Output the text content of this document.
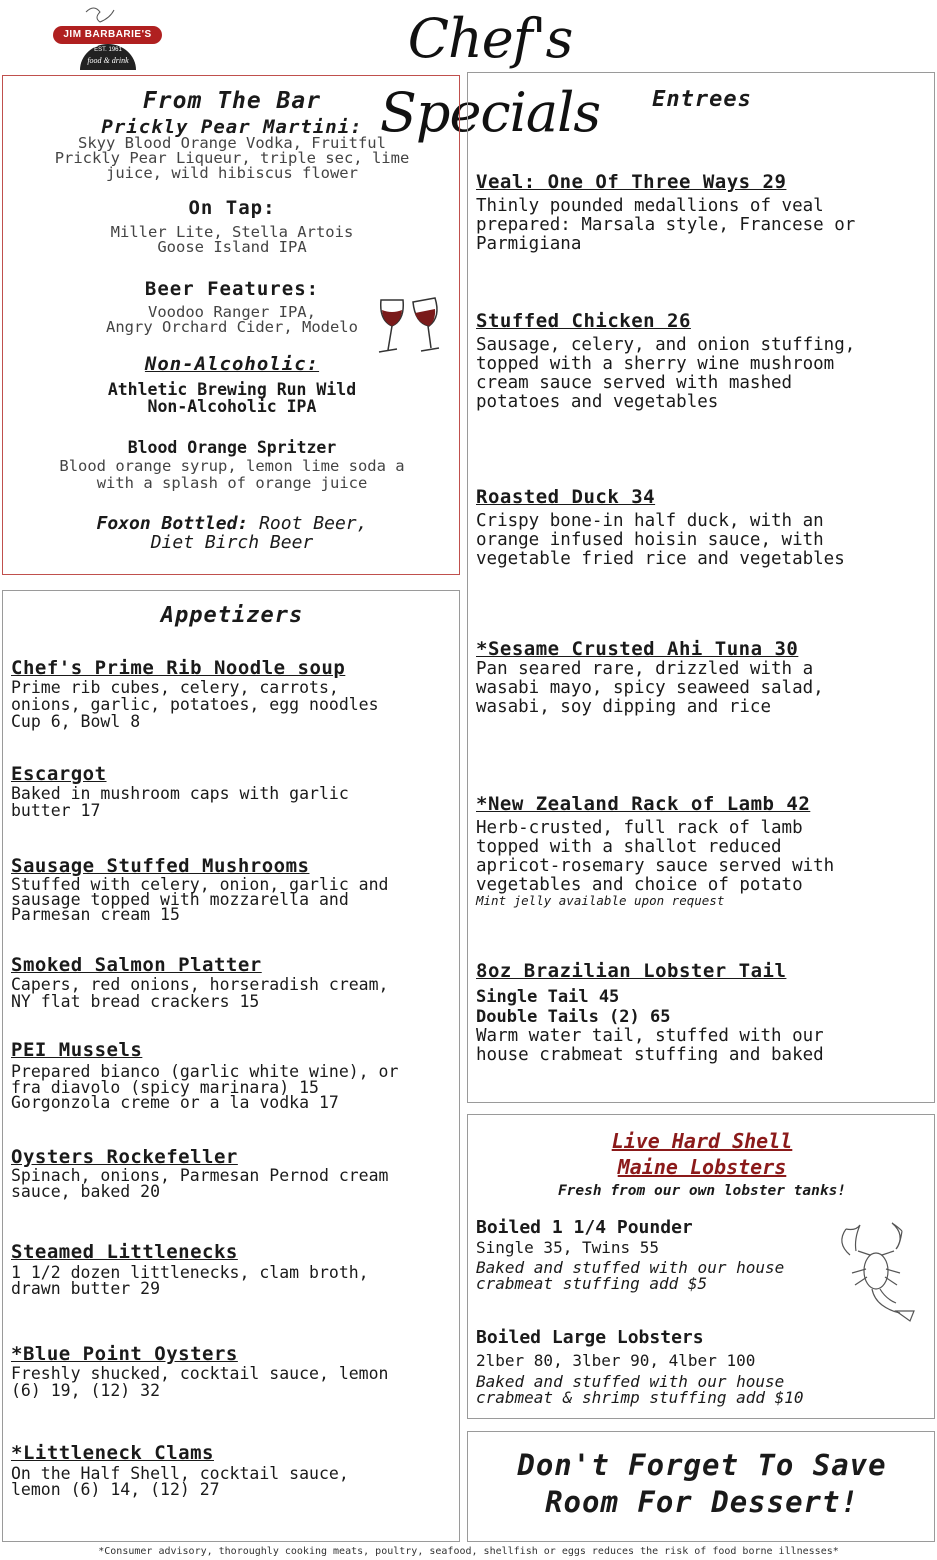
JIM BARBARIE'S
EST. 1961
food & drink	Chef's Specials
From The Bar
Prickly Pear Martini:
Skyy Blood Orange Vodka, Fruitful
Prickly Pear Liqueur, triple sec, lime
juice, wild hibiscus flower
On Tap:
Miller Lite, Stella Artois
Goose Island IPA
Beer Features:
Voodoo Ranger IPA,
Angry Orchard Cider, Modelo
Non-Alcoholic:
Athletic Brewing Run Wild
Non-Alcoholic IPA
Blood Orange Spritzer
Blood orange syrup, lemon lime soda a
with a splash of orange juice
Foxon Bottled: Root Beer,
Diet Birch Beer
Appetizers
Chef's Prime Rib Noodle soup
Prime rib cubes, celery, carrots,
onions, garlic, potatoes, egg noodles
Cup 6, Bowl 8
Escargot
Baked in mushroom caps with garlic
butter 17
Sausage Stuffed Mushrooms
Stuffed with celery, onion, garlic and
sausage topped with mozzarella and
Parmesan cream 15
Smoked Salmon Platter
Capers, red onions, horseradish cream,
NY flat bread crackers 15
PEI Mussels
Prepared bianco (garlic white wine), or
fra diavolo (spicy marinara) 15
Gorgonzola creme or a la vodka 17
Oysters Rockefeller
Spinach, onions, Parmesan Pernod cream
sauce, baked 20
Steamed Littlenecks
1 1/2 dozen littlenecks, clam broth,
drawn butter 29
*Blue Point Oysters
Freshly shucked, cocktail sauce, lemon
(6) 19, (12) 32
*Littleneck Clams
On the Half Shell, cocktail sauce,
lemon (6) 14, (12) 27
Entrees
Veal: One Of Three Ways 29
Thinly pounded medallions of veal
prepared: Marsala style, Francese or
Parmigiana
Stuffed Chicken 26
Sausage, celery, and onion stuffing,
topped with a sherry wine mushroom
cream sauce served with mashed
potatoes and vegetables
Roasted Duck 34
Crispy bone-in half duck, with an
orange infused hoisin sauce, with
vegetable fried rice and vegetables
*Sesame Crusted Ahi Tuna 30
Pan seared rare, drizzled with a
wasabi mayo, spicy seaweed salad,
wasabi, soy dipping and rice
*New Zealand Rack of Lamb 42
Herb-crusted, full rack of lamb
topped with a shallot reduced
apricot-rosemary sauce served with
vegetables and choice of potato
Mint jelly available upon request
8oz Brazilian Lobster Tail
Single Tail 45
Double Tails (2) 65
Warm water tail, stuffed with our
house crabmeat stuffing and baked
Live Hard Shell
Maine Lobsters
Fresh from our own lobster tanks!
Boiled 1 1/4 Pounder
Single 35, Twins 55
Baked and stuffed with our house
crabmeat stuffing add $5
Boiled Large Lobsters
2lber 80, 3lber 90, 4lber 100
Baked and stuffed with our house
crabmeat & shrimp stuffing add $10
Don't Forget To Save
Room For Dessert!
*Consumer advisory, thoroughly cooking meats, poultry, seafood, shellfish or eggs reduces the risk of food borne illnesses*
